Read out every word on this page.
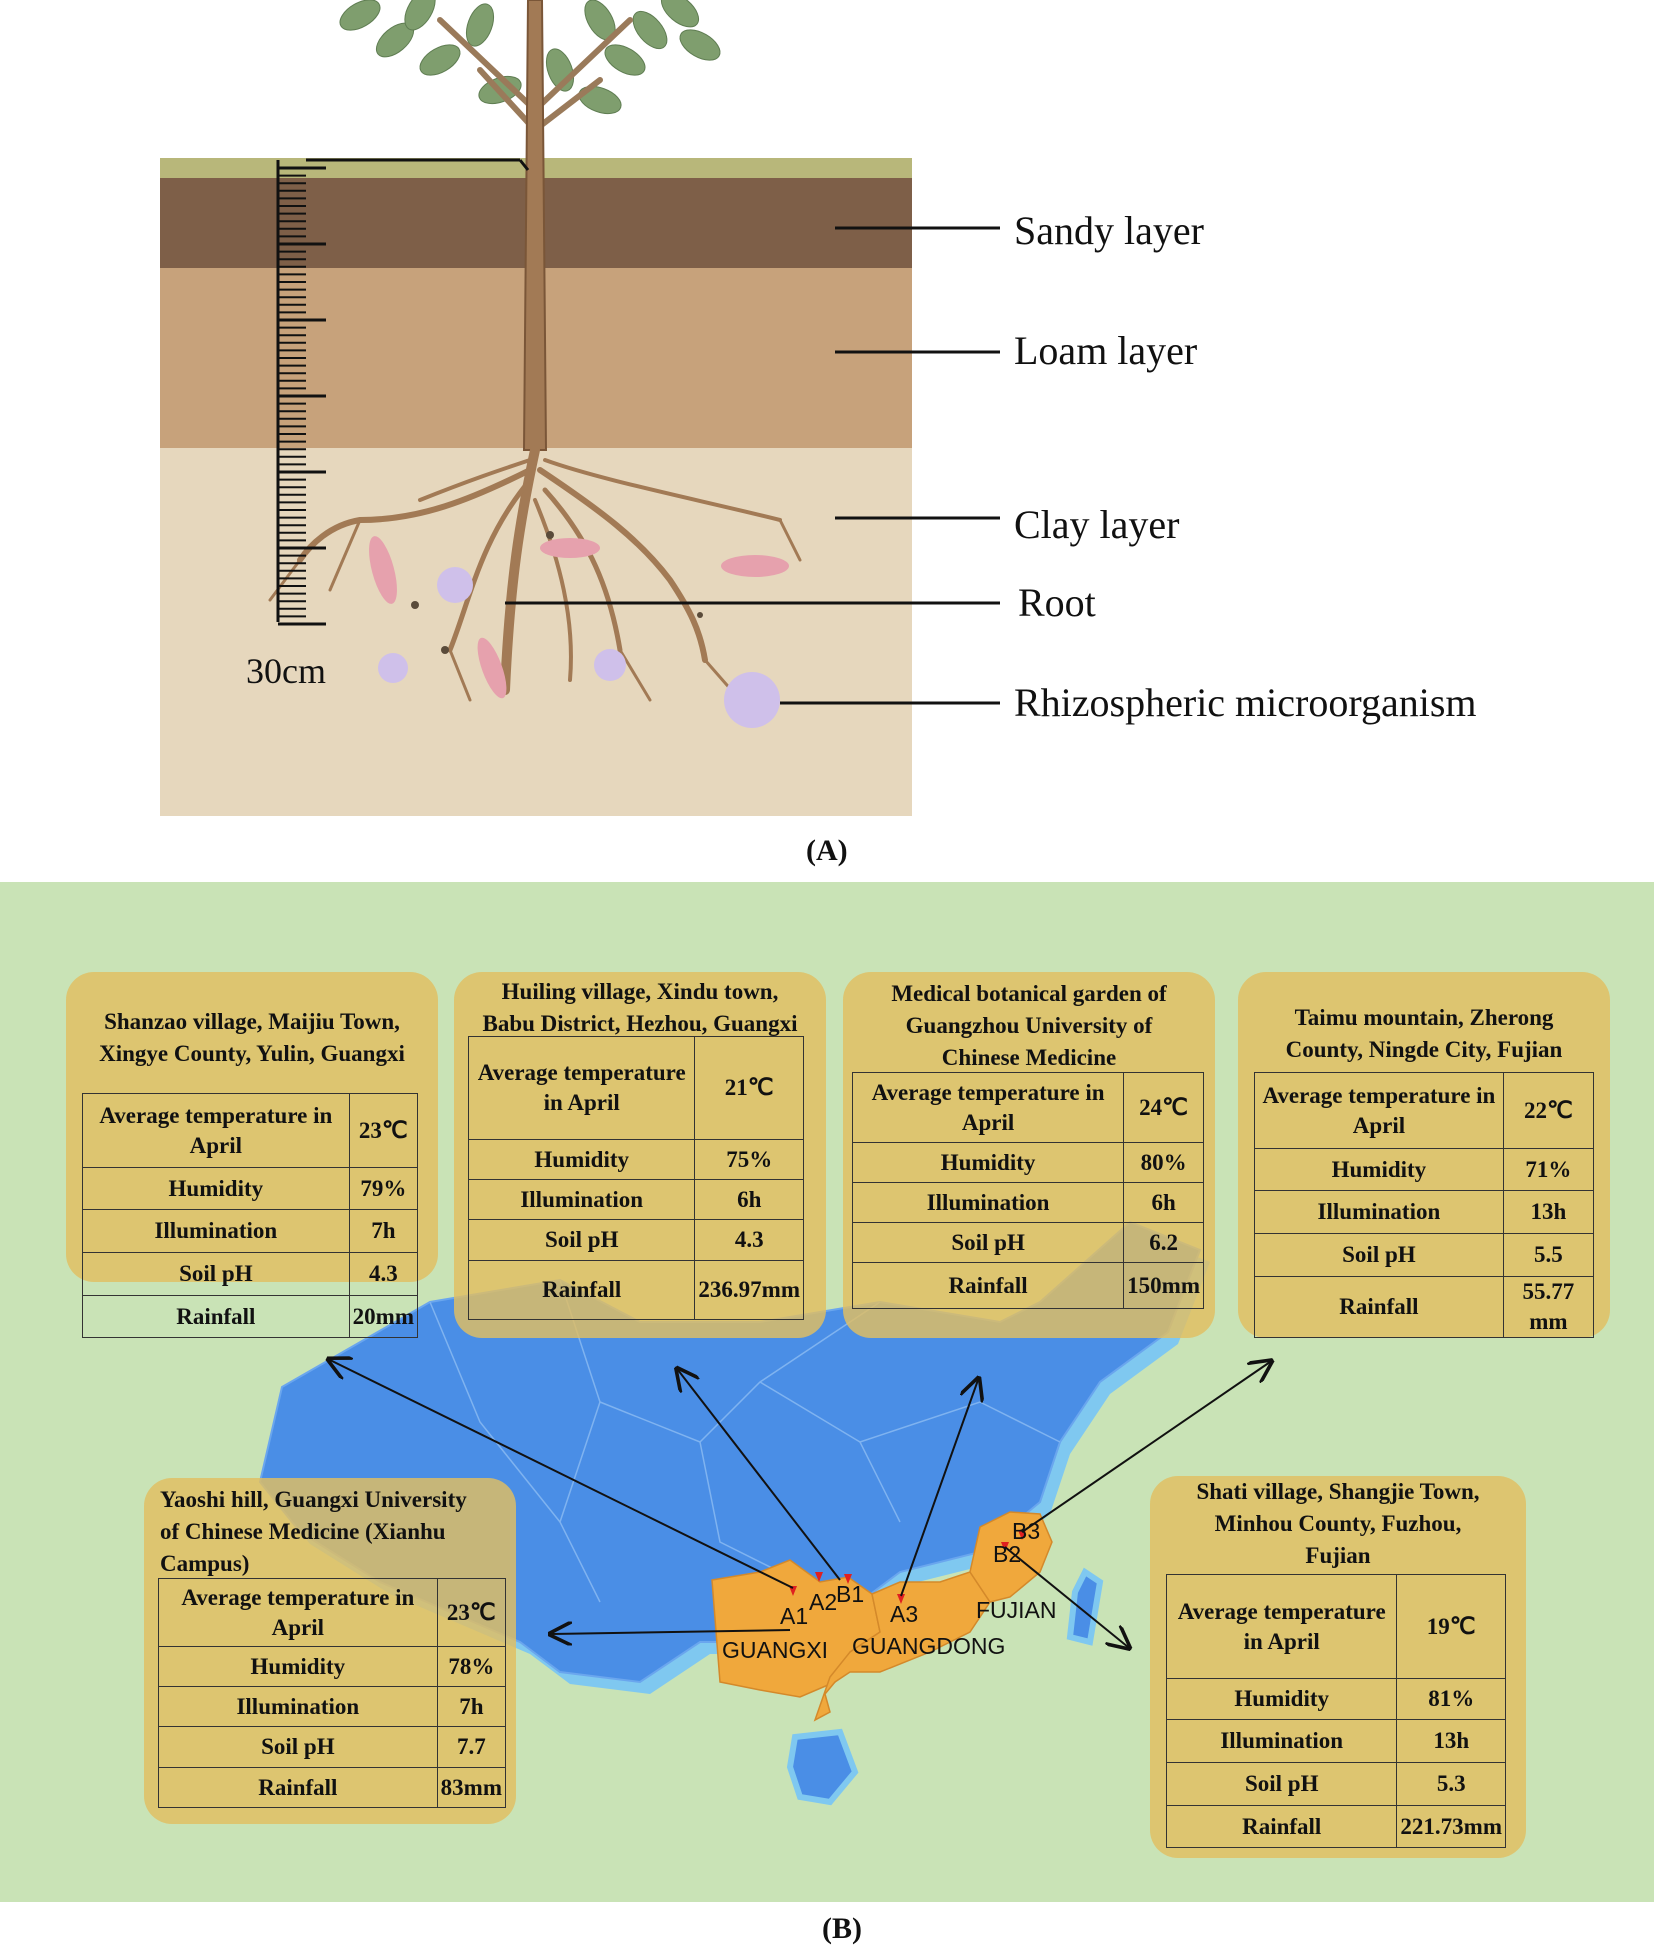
30cm
Sandy layer
Loam layer
Clay layer
Root
Rhizospheric microorganism
(A)
A1
A2
B1
A3
B2
B3
GUANGXI GUANGDONG
FUJIAN
Shanzao village, Maijiu Town,
Xingye County, Yulin, Guangxi
Average temperature in April	23℃
Humidity	79%
Illumination	7h
Soil pH	4.3
Rainfall	20mm
Huiling village, Xindu town,
Babu District, Hezhou, Guangxi
Average temperature in April	21℃
Humidity	75%
Illumination	6h
Soil pH	4.3
Rainfall	236.97mm
Medical botanical garden of
Guangzhou University of
Chinese Medicine
Average temperature in April	24℃
Humidity	80%
Illumination	6h
Soil pH	6.2
Rainfall	150mm
Taimu mountain, Zherong
County, Ningde City, Fujian
Average temperature in April	22℃
Humidity	71%
Illumination	13h
Soil pH	5.5
Rainfall	55.77 mm
Yaoshi hill, Guangxi University
of Chinese Medicine (Xianhu
Campus)
Average temperature in April	23℃
Humidity	78%
Illumination	7h
Soil pH	7.7
Rainfall	83mm
Shati village, Shangjie Town,
Minhou County, Fuzhou,
Fujian
Average temperature in April	19℃
Humidity	81%
Illumination	13h
Soil pH	5.3
Rainfall	221.73mm
(B)
